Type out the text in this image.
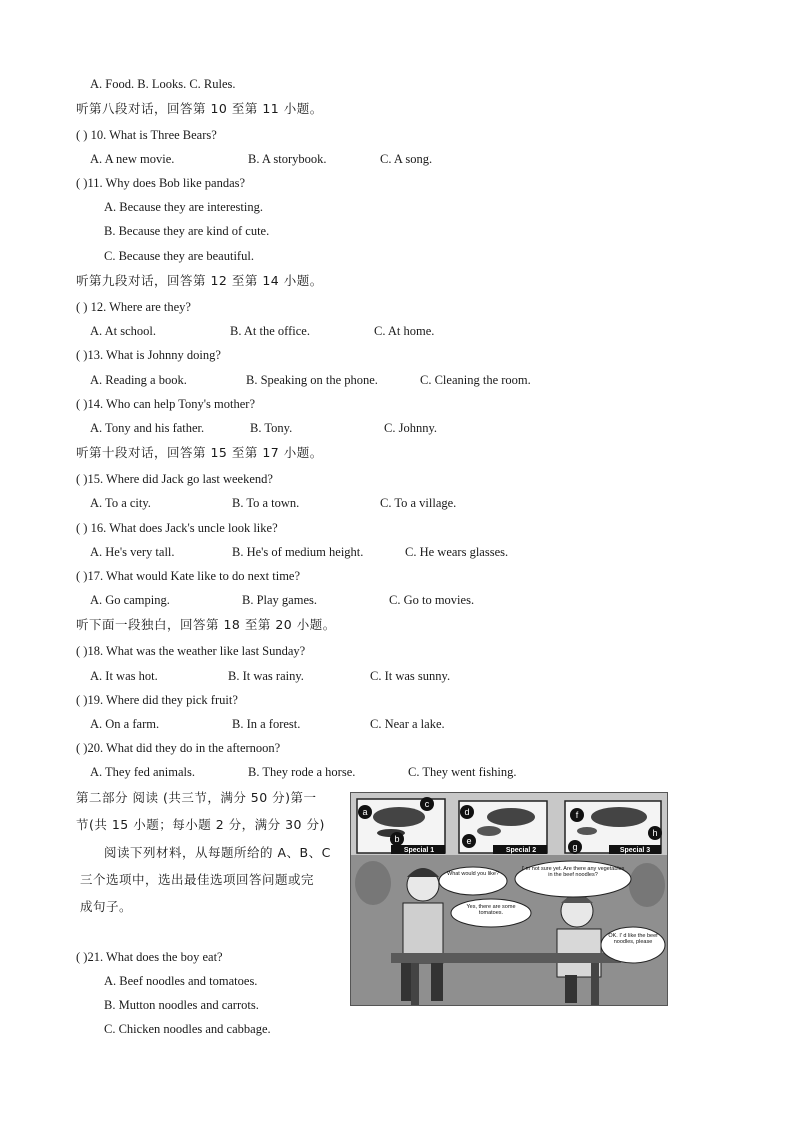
A. Food. B. Looks. C. Rules.
听第八段对话，回答第 10 至第 11 小题。
( ) 10. What is Three Bears?
A. A new movie.	B. A storybook.	C. A song.
( )11. Why does Bob like pandas?
A. Because they are interesting.
B. Because they are kind of cute.
C. Because they are beautiful.
听第九段对话，回答第 12 至第 14 小题。
( ) 12. Where are they?
A. At school.	B. At the office.	C. At home.
( )13. What is Johnny doing?
A. Reading a book.	B. Speaking on the phone.	C. Cleaning the room.
( )14. Who can help Tony's mother?
A. Tony and his father.	B. Tony.	C. Johnny.
听第十段对话，回答第 15 至第 17 小题。
( )15. Where did Jack go last weekend?
A. To a city.	B. To a town.	C. To a village.
( ) 16. What does Jack's uncle look like?
A. He's very tall.	B. He's of medium height.	C. He wears glasses.
( )17. What would Kate like to do next time?
A. Go camping.	B. Play games.	C. Go to movies.
听下面一段独白，回答第 18 至第 20 小题。
( )18. What was the weather like last Sunday?
A. It was hot.	B. It was rainy.	C. It was sunny.
( )19. Where did they pick fruit?
A. On a farm.	B. In a forest.	C. Near a lake.
( )20. What did they do in the afternoon?
A. They fed animals.	B. They rode a horse.	C. They went fishing.
第二部分 阅读 (共三节，满分 50 分)第一
节(共 15 小题；每小题 2 分，满分 30 分)
阅读下列材料，从每题所给的 A、B、C
三个选项中，选出最佳选项回答问题或完
成句子。
( )21. What does the boy eat?
A. Beef noodles and tomatoes.
B. Mutton noodles and carrots.
C. Chicken noodles and cabbage.
a
b
c
d
e
f
g
h
Special 1	Special 2	Special 3
What would you like?
I' m not sure yet. Are there any vegetables in the beef noodles?
Yes, there are some tomatoes.
OK. I' d like the beef noodles, please
